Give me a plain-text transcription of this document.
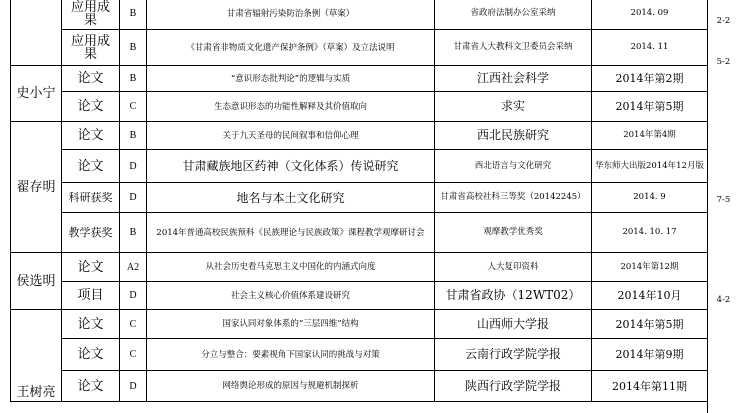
	应用成果	B	甘肃省辐射污染防治条例（草案）	省政府法制办公室采纳	2014. 09
	应用成果	B	《甘肃省非物质文化遗产保护条例》（草案）及立法说明	甘肃省人大教科文卫委员会采纳	2014. 11
史小宁	论文	B	“意识形态批判论”的逻辑与实质	江西社会科学	2014年第2期
	论文	C	生态意识形态的功能性解释及其价值取向	求实	2014年第5期
翟存明	论文	B	关于九天圣母的民间叙事和信仰心理	西北民族研究	2014年第4期
	论文	D	甘肃藏族地区药神（文化体系）传说研究	西北语言与文化研究	华东师大出版2014年12月版
	科研获奖	D	地名与本土文化研究	甘肃省高校社科三等奖（20142245）	2014. 9
	教学获奖	B	2014年普通高校民族预科《民族理论与民族政策》课程教学观摩研讨会	观摩教学优秀奖	2014. 10. 17
侯选明	论文	A2	从社会历史看马克思主义中国化的内涵式向度	人大复印资料	2014年第12期
	项目	D	社会主义核心价值体系建设研究	甘肃省政协（12WT02）	2014年10月
王树亮	论文	C	国家认同对象体系的“三层四维”结构	山西师大学报	2014年第5期
	论文	C	分立与整合：要素视角下国家认同的挑战与对策	云南行政学院学报	2014年第9期
	论文	D	网络舆论形成的原因与规避机制探析	陕西行政学院学报	2014年第11期
2-2
5-2
7-5
4-2
